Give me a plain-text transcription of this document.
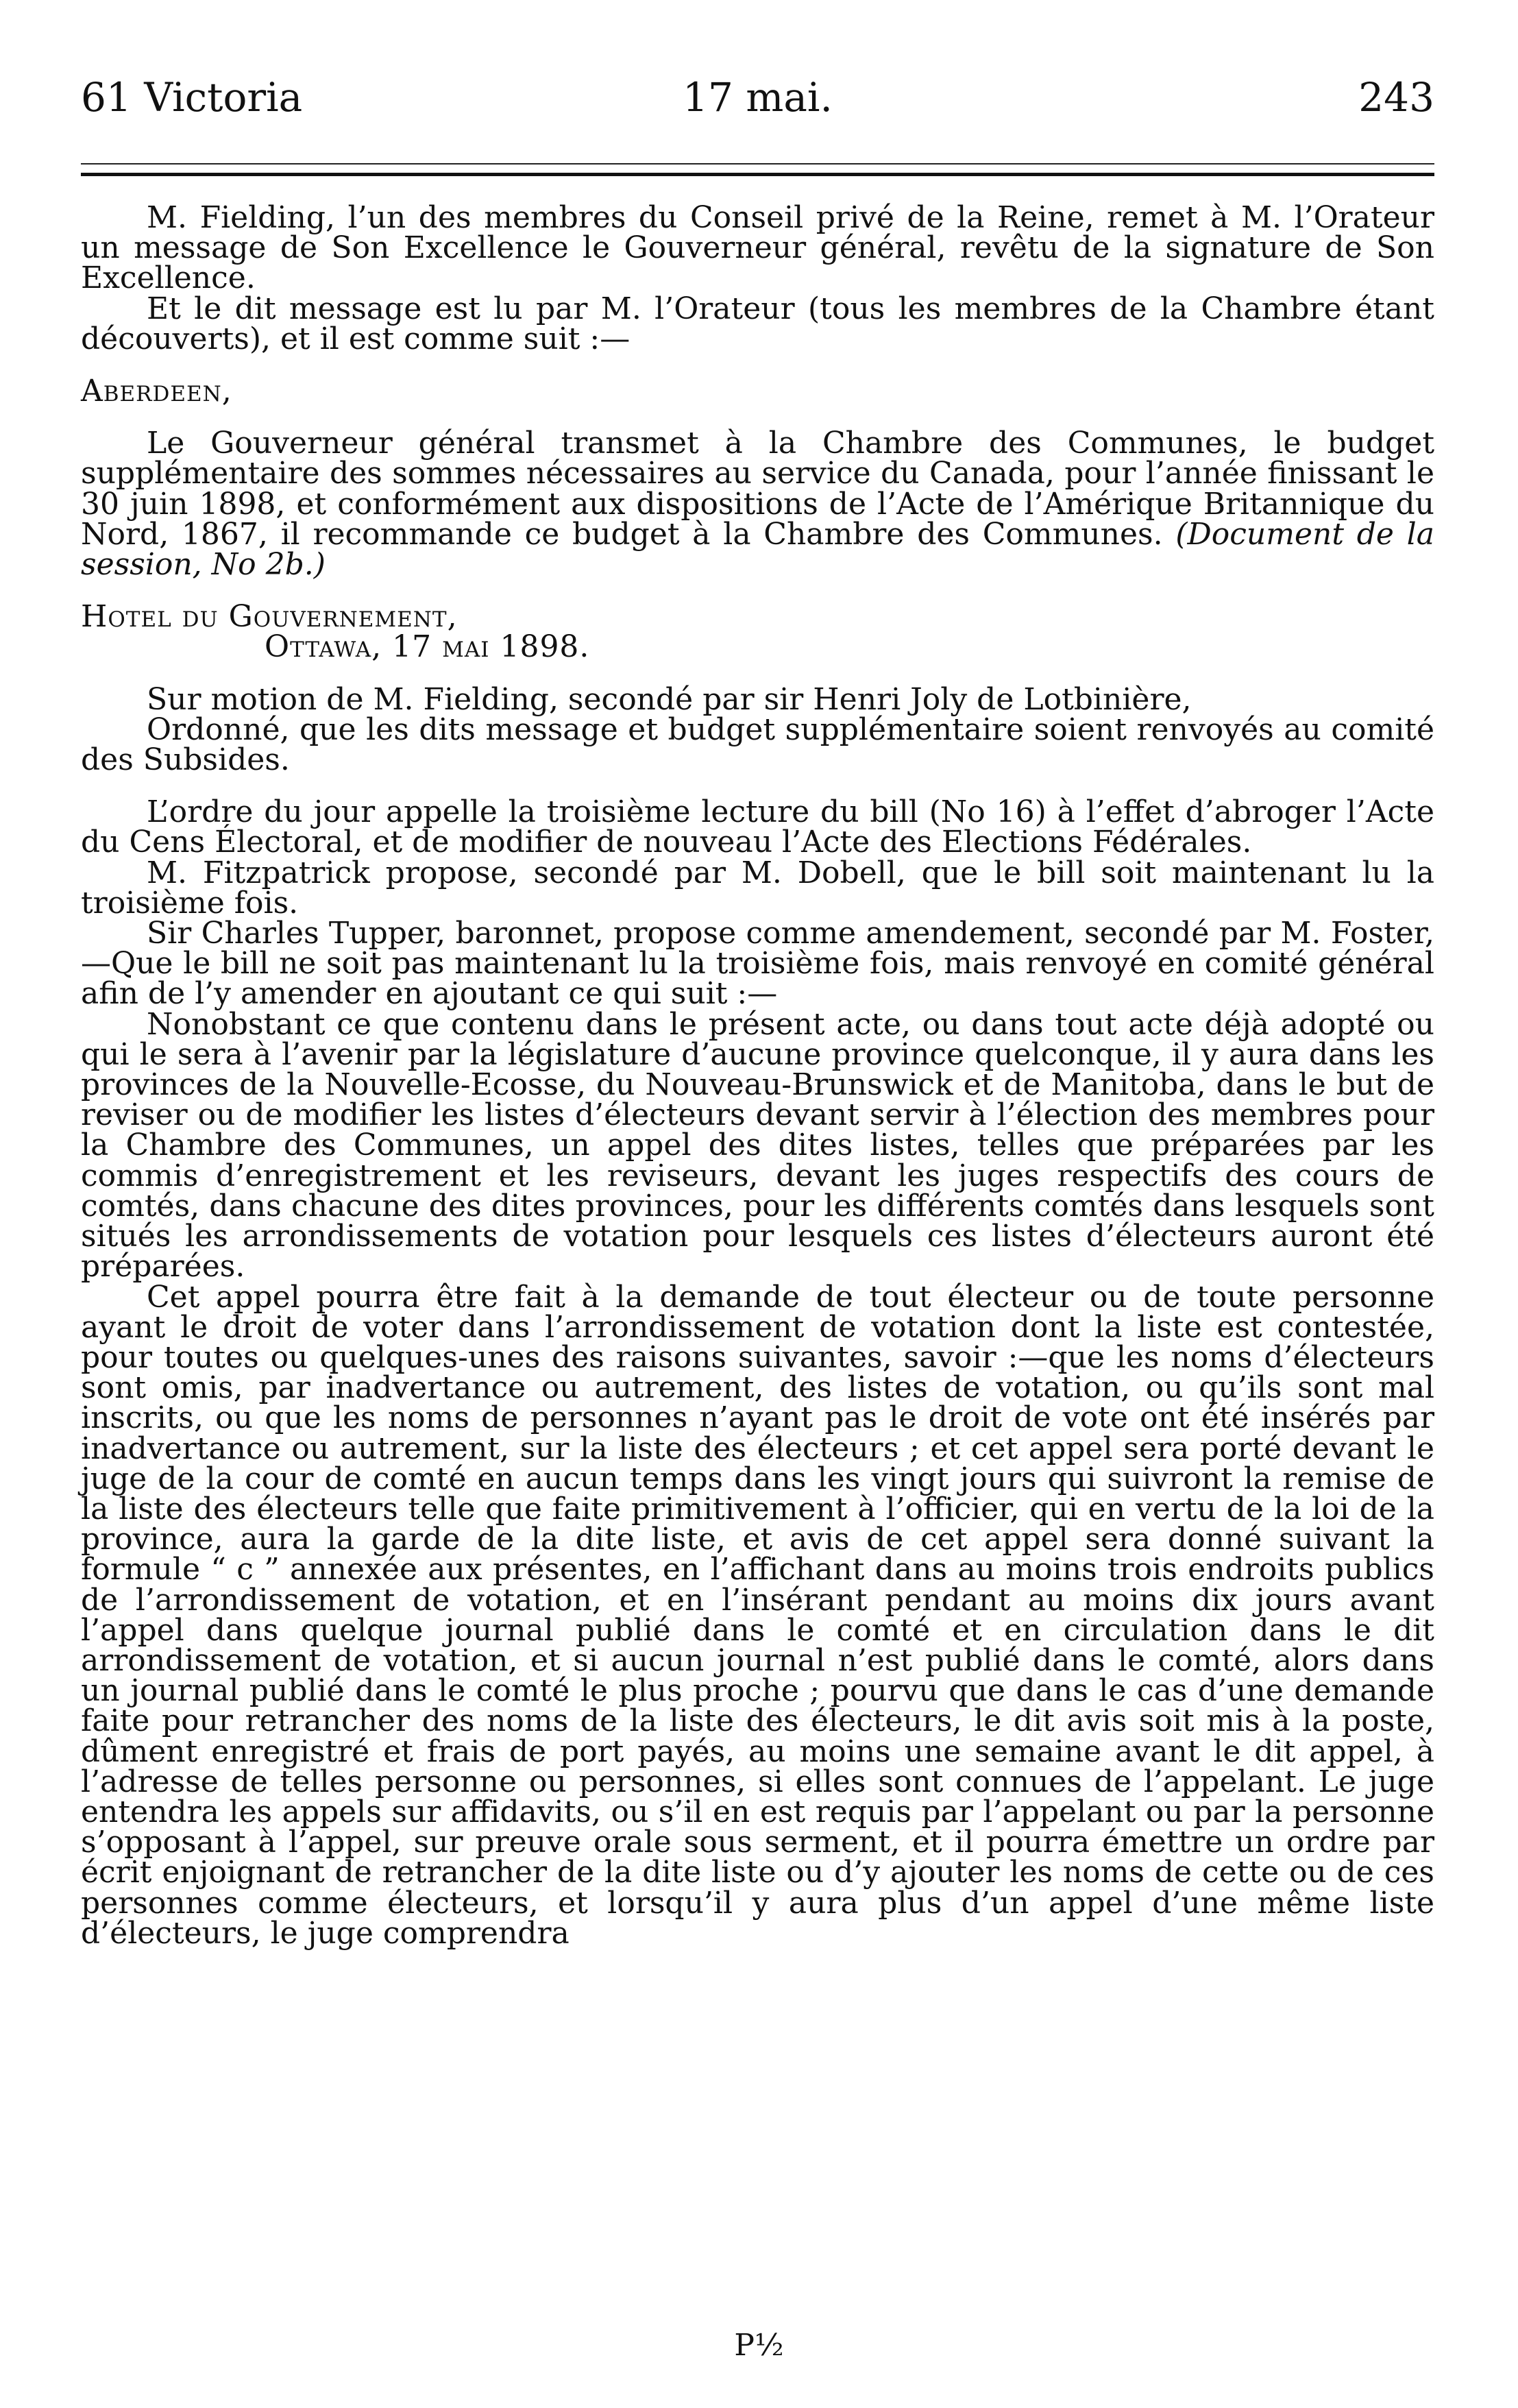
61 Victoria	17 mai.	243

M. Fielding, l’un des membres du Conseil privé de la Reine, remet à M. l’Orateur un message de Son Excellence le Gouverneur général, revêtu de la signature de Son Excellence.

Et le dit message est lu par M. l’Orateur (tous les membres de la Chambre étant découverts), et il est comme suit :—

Aberdeen,

Le Gouverneur général transmet à la Chambre des Communes, le budget supplémentaire des sommes nécessaires au service du Canada, pour l’année finissant le 30 juin 1898, et conformément aux dispositions de l’Acte de l’Amérique Britannique du Nord, 1867, il recommande ce budget à la Chambre des Communes. (Document de la session, No 2b.)

Hotel du Gouvernement,

Ottawa, 17 mai 1898.

Sur motion de M. Fielding, secondé par sir Henri Joly de Lotbinière,

Ordonné, que les dits message et budget supplémentaire soient renvoyés au comité des Subsides.

L’ordre du jour appelle la troisième lecture du bill (No 16) à l’effet d’abroger l’Acte du Cens Électoral, et de modifier de nouveau l’Acte des Elections Fédérales.

M. Fitzpatrick propose, secondé par M. Dobell, que le bill soit maintenant lu la troisième fois.

Sir Charles Tupper, baronnet, propose comme amendement, secondé par M. Foster,—Que le bill ne soit pas maintenant lu la troisième fois, mais renvoyé en comité général afin de l’y amender en ajoutant ce qui suit :—

Nonobstant ce que contenu dans le présent acte, ou dans tout acte déjà adopté ou qui le sera à l’avenir par la législature d’aucune province quelconque, il y aura dans les provinces de la Nouvelle-Ecosse, du Nouveau-Brunswick et de Manitoba, dans le but de reviser ou de modifier les listes d’électeurs devant servir à l’élection des membres pour la Chambre des Communes, un appel des dites listes, telles que préparées par les commis d’enregistrement et les reviseurs, devant les juges respectifs des cours de comtés, dans chacune des dites provinces, pour les différents comtés dans lesquels sont situés les arrondissements de votation pour lesquels ces listes d’électeurs auront été préparées.

Cet appel pourra être fait à la demande de tout électeur ou de toute personne ayant le droit de voter dans l’arrondissement de votation dont la liste est contestée, pour toutes ou quelques-unes des raisons suivantes, savoir :—que les noms d’électeurs sont omis, par inadvertance ou autrement, des listes de votation, ou qu’ils sont mal inscrits, ou que les noms de personnes n’ayant pas le droit de vote ont été insérés par inadvertance ou autrement, sur la liste des électeurs ; et cet appel sera porté devant le juge de la cour de comté en aucun temps dans les vingt jours qui suivront la remise de la liste des électeurs telle que faite primitivement à l’officier, qui en vertu de la loi de la province, aura la garde de la dite liste, et avis de cet appel sera donné suivant la formule “ c ” annexée aux présentes, en l’affichant dans au moins trois endroits publics de l’arrondissement de votation, et en l’insérant pendant au moins dix jours avant l’appel dans quelque journal publié dans le comté et en circulation dans le dit arrondissement de votation, et si aucun journal n’est publié dans le comté, alors dans un journal publié dans le comté le plus proche ; pourvu que dans le cas d’une demande faite pour retrancher des noms de la liste des électeurs, le dit avis soit mis à la poste, dûment enregistré et frais de port payés, au moins une semaine avant le dit appel, à l’adresse de telles personne ou personnes, si elles sont connues de l’appelant. Le juge entendra les appels sur affidavits, ou s’il en est requis par l’appelant ou par la personne s’opposant à l’appel, sur preuve orale sous serment, et il pourra émettre un ordre par écrit enjoignant de retrancher de la dite liste ou d’y ajouter les noms de cette ou de ces personnes comme électeurs, et lorsqu’il y aura plus d’un appel d’une même liste d’électeurs, le juge comprendra

P½
